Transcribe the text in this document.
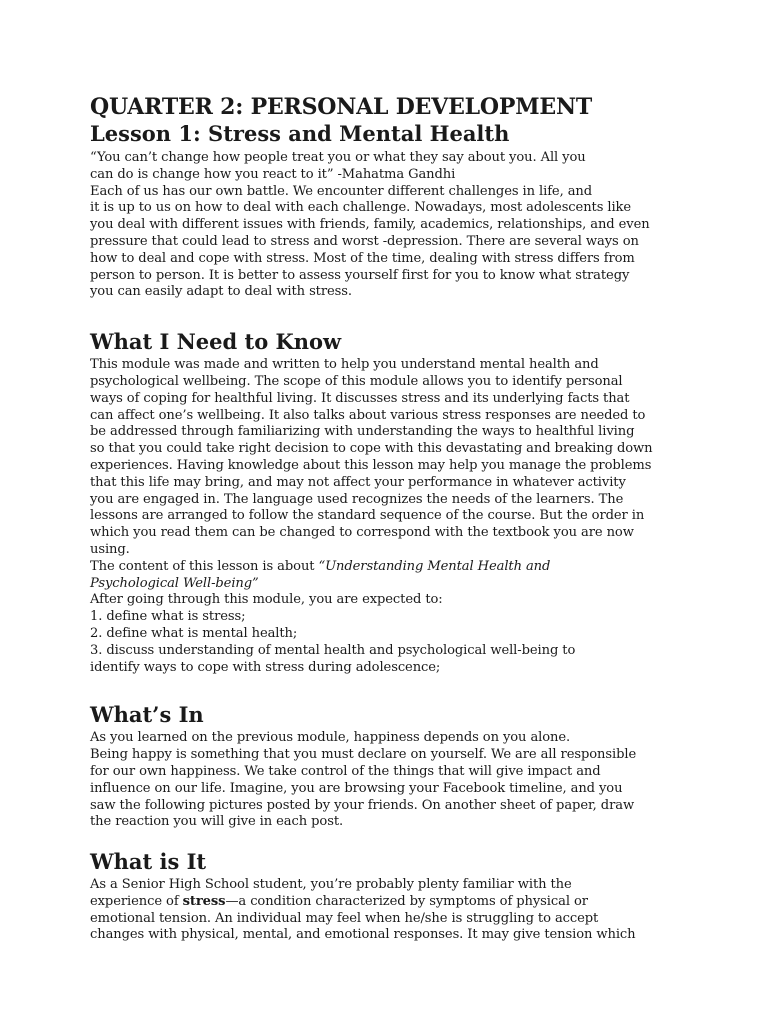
QUARTER 2: PERSONAL DEVELOPMENT
Lesson 1: Stress and Mental Health

“You can’t change how people treat you or what they say about you. All you
can do is change how you react to it” -Mahatma Gandhi

Each of us has our own battle. We encounter different challenges in life, and
it is up to us on how to deal with each challenge. Nowadays, most adolescents like
you deal with different issues with friends, family, academics, relationships, and even
pressure that could lead to stress and worst -depression. There are several ways on
how to deal and cope with stress. Most of the time, dealing with stress differs from
person to person. It is better to assess yourself first for you to know what strategy
you can easily adapt to deal with stress.

What I Need to Know

This module was made and written to help you understand mental health and
psychological wellbeing. The scope of this module allows you to identify personal
ways of coping for healthful living. It discusses stress and its underlying facts that
can affect one’s wellbeing. It also talks about various stress responses are needed to
be addressed through familiarizing with understanding the ways to healthful living
so that you could take right decision to cope with this devastating and breaking down
experiences. Having knowledge about this lesson may help you manage the problems
that this life may bring, and may not affect your performance in whatever activity
you are engaged in. The language used recognizes the needs of the learners. The
lessons are arranged to follow the standard sequence of the course. But the order in
which you read them can be changed to correspond with the textbook you are now
using.

The content of this lesson is about “Understanding Mental Health and

Psychological Well-being”

After going through this module, you are expected to:

1. define what is stress;

2. define what is mental health;

3. discuss understanding of mental health and psychological well-being to
identify ways to cope with stress during adolescence;

What’s In

As you learned on the previous module, happiness depends on you alone.
Being happy is something that you must declare on yourself. We are all responsible
for our own happiness. We take control of the things that will give impact and
influence on our life. Imagine, you are browsing your Facebook timeline, and you
saw the following pictures posted by your friends. On another sheet of paper, draw
the reaction you will give in each post.

What is It

As a Senior High School student, you’re probably plenty familiar with the

experience of stress—a condition characterized by symptoms of physical or

emotional tension. An individual may feel when he/she is struggling to accept
changes with physical, mental, and emotional responses. It may give tension which
